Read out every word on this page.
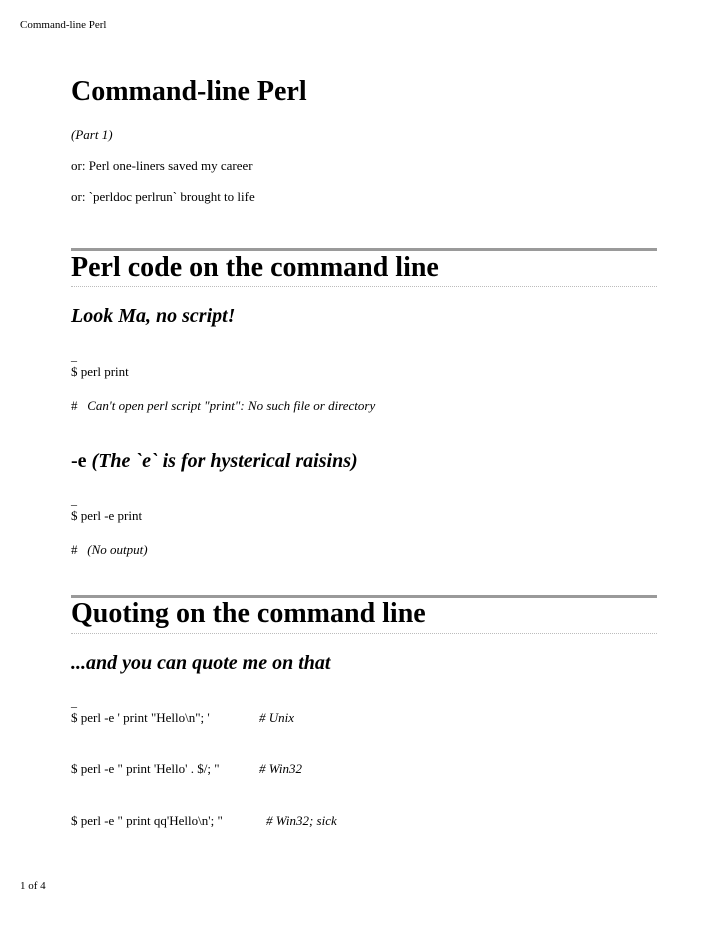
Command-line Perl
Command-line Perl
(Part 1)
or: Perl one-liners saved my career
or: `perldoc perlrun` brought to life
Perl code on the command line
Look Ma, no script!
_
$ perl print
# Can't open perl script "print": No such file or directory
-e (The `e` is for hysterical raisins)
_
$ perl -e print
# (No output)
Quoting on the command line
...and you can quote me on that
_
$ perl -e ' print "Hello\n"; '	# Unix
$ perl -e " print 'Hello' . $/; "	# Win32
$ perl -e " print qq'Hello\n'; "	# Win32; sick
1 of 4
